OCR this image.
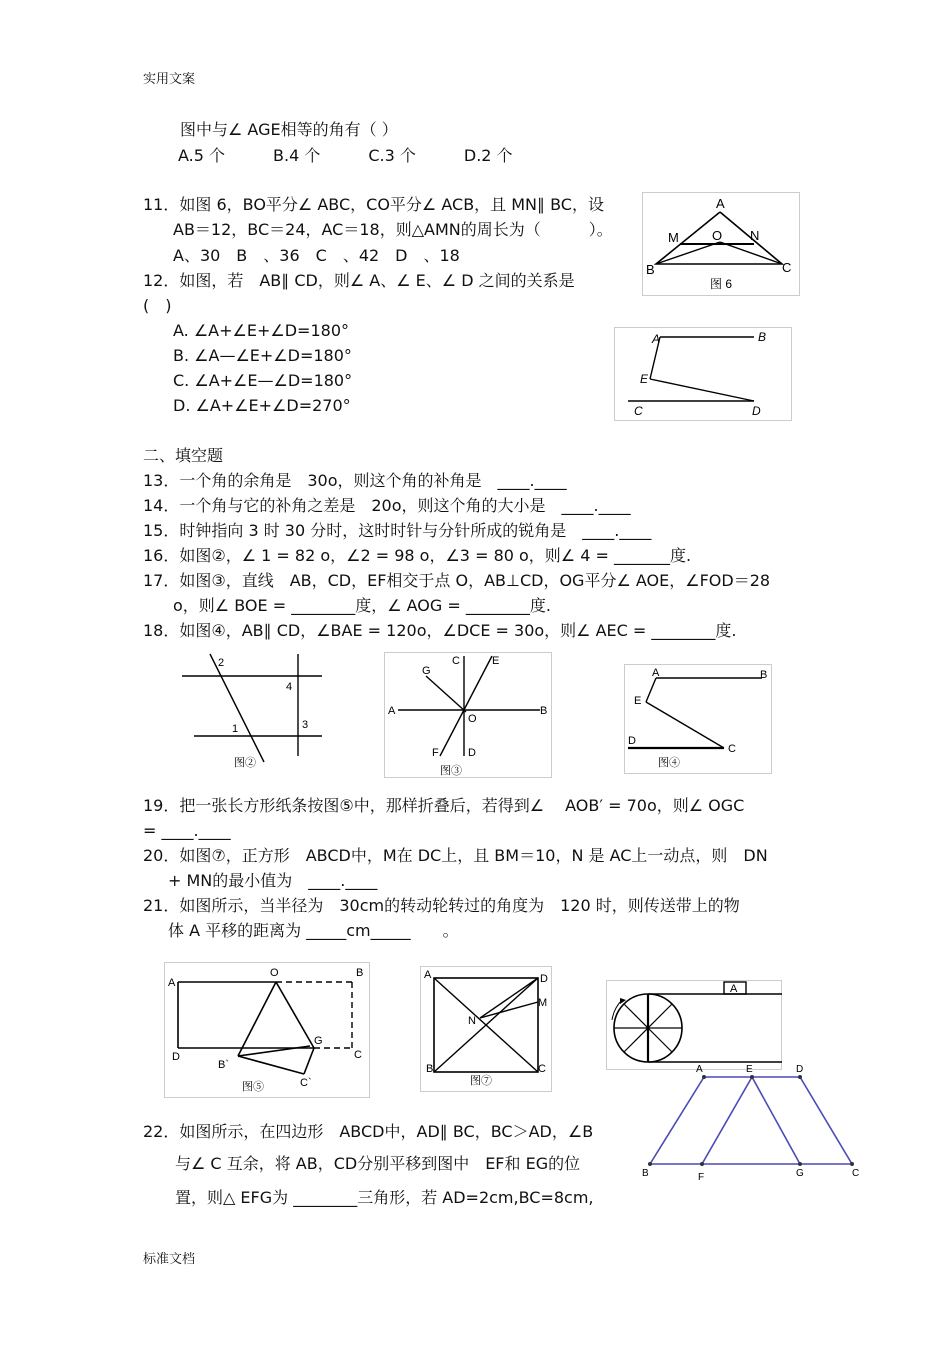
实用文案
图中与∠ AGE相等的角有（ ）
A.5 个　　　B.4 个　　　C.3 个　　　D.2 个
11．如图 6，BO平分∠ ABC，CO平分∠ ACB，且 MN∥ BC，设
AB＝12，BC＝24，AC＝18，则△AMN的周长为（　　　）。
A、30　B　、36　C　、42　D　、18
12．如图，若　AB∥ CD，则∠ A、∠ E、∠ D 之间的关系是
(　)
A. ∠A+∠E+∠D=180°
B. ∠A—∠E+∠D=180°
C. ∠A+∠E—∠D=180°
D. ∠A+∠E+∠D=270°
二、填空题
13．一个角的余角是　30o，则这个角的补角是　____.____
14．一个角与它的补角之差是　20o，则这个角的大小是　____.____
15．时钟指向 3 时 30 分时，这时时针与分针所成的锐角是　____.____
16．如图②，∠ 1 = 82 o，∠2 = 98 o，∠3 = 80 o，则∠ 4 = _______度.
17．如图③，直线　AB，CD，EF相交于点 O，AB⊥CD，OG平分∠ AOE，∠FOD＝28
o，则∠ BOE = ________度，∠ AOG = ________度.
18．如图④，AB∥ CD，∠BAE = 120o，∠DCE = 30o，则∠ AEC = ________度.
19．把一张长方形纸条按图⑤中，那样折叠后，若得到∠　 AOB′ = 70o，则∠ OGC
= ____.____
20．如图⑦，正方形　ABCD中，M在 DC上，且 BM＝10，N 是 AC上一动点，则　DN
+ MN的最小值为　____.____
21．如图所示，当半径为　30cm的转动轮转过的角度为　120 时，则传送带上的物
体 A 平移的距离为 _____cm_____　　。
22．如图所示，在四边形　ABCD中，AD∥ BC，BC＞AD，∠B
与∠ C 互余，将 AB，CD分别平移到图中　EF和 EG的位
置，则△ EFG为 ________三角形，若 AD=2cm,BC=8cm,
标准文档
A
M	O N
B	C
图 6
A	B
E
C	D
2
1	3
4
图②
C	E
G
A
O
B
F	D
图③
A	B
E
D
C
图④
A
O	B
D
G
C
B`
C`
图⑤
A	D
M
N
B	C
图⑦
A
A	E	D
B	F	G	C
